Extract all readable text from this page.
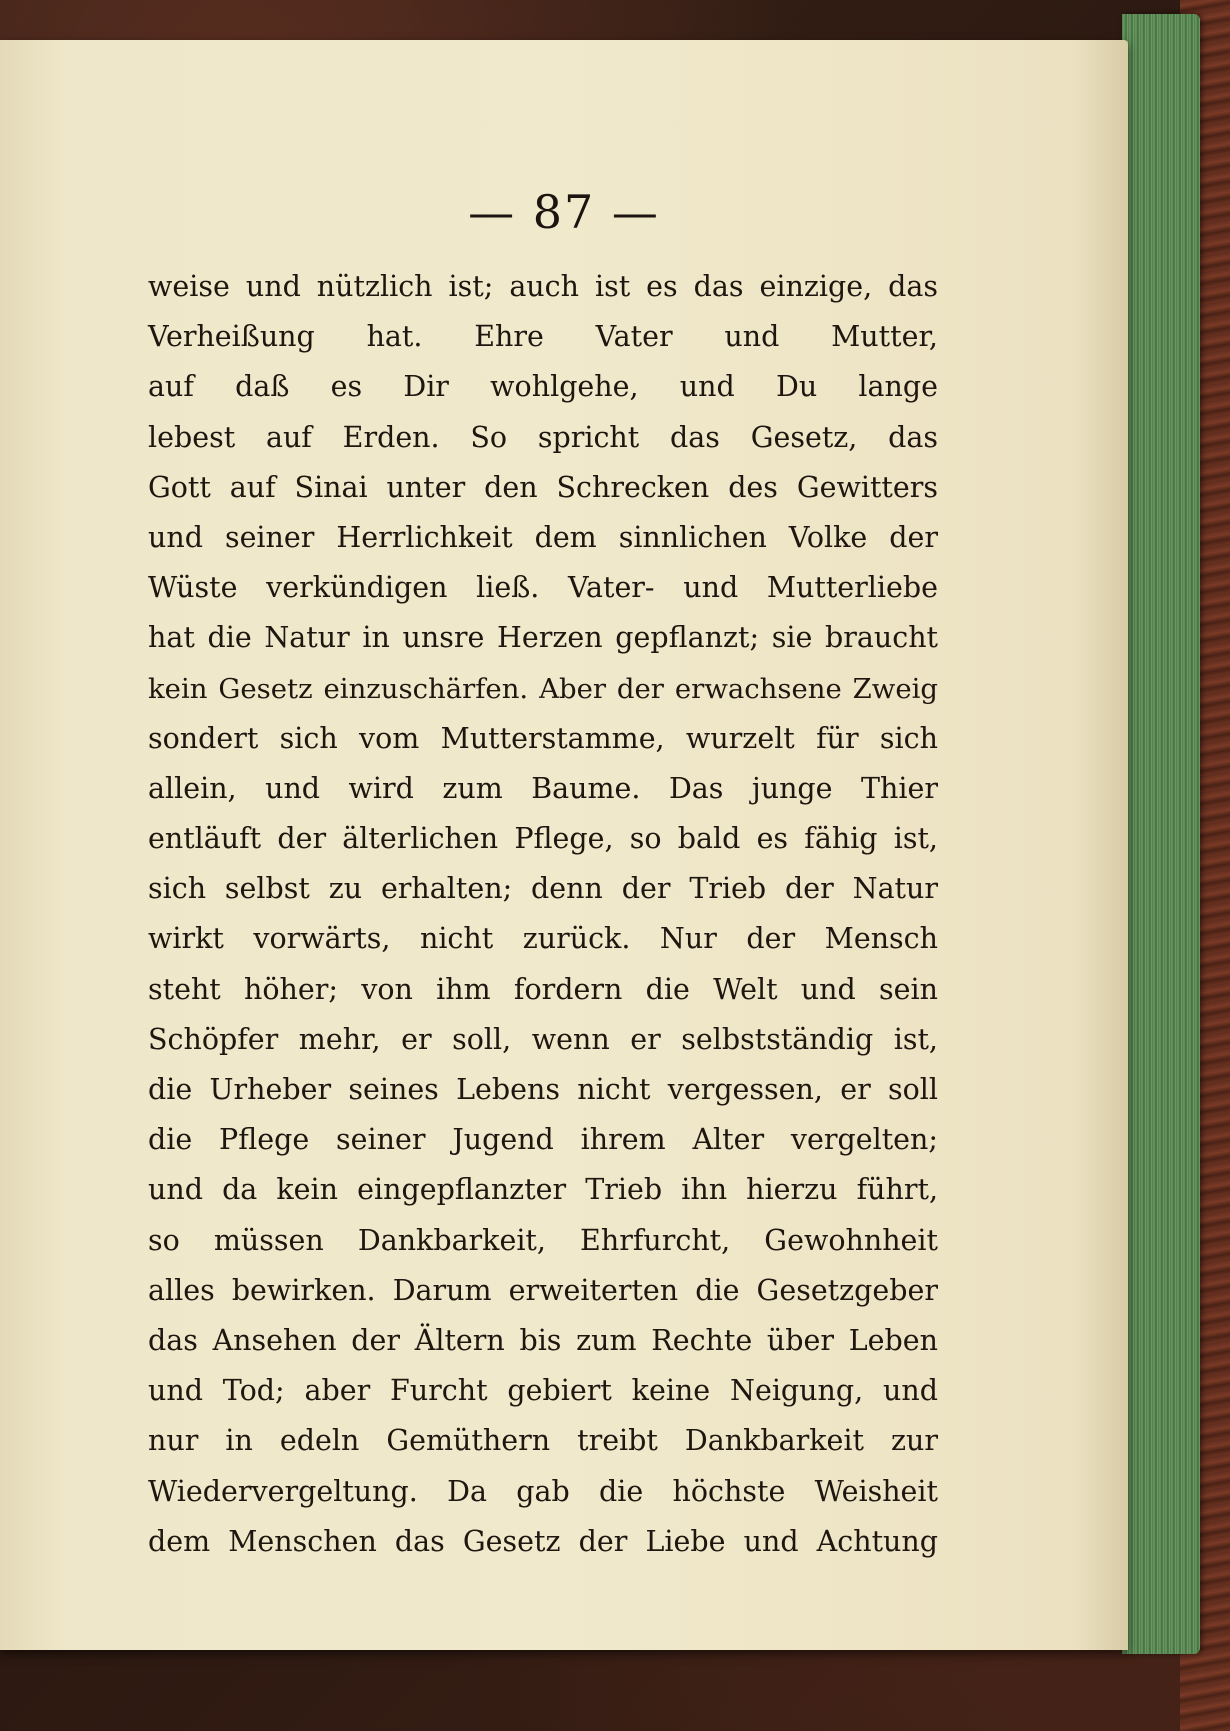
— 87 —
weise und nützlich ist; auch ist es das einzige, das
Verheißung hat. Ehre Vater und Mutter,
auf daß es Dir wohlgehe, und Du lange
lebest auf Erden. So spricht das Gesetz, das
Gott auf Sinai unter den Schrecken des Gewitters
und seiner Herrlichkeit dem sinnlichen Volke der
Wüste verkündigen ließ. Vater- und Mutterliebe
hat die Natur in unsre Herzen gepflanzt; sie braucht
kein Gesetz einzuschärfen. Aber der erwachsene Zweig
sondert sich vom Mutterstamme, wurzelt für sich
allein, und wird zum Baume. Das junge Thier
entläuft der älterlichen Pflege, so bald es fähig ist,
sich selbst zu erhalten; denn der Trieb der Natur
wirkt vorwärts, nicht zurück. Nur der Mensch
steht höher; von ihm fordern die Welt und sein
Schöpfer mehr, er soll, wenn er selbstständig ist,
die Urheber seines Lebens nicht vergessen, er soll
die Pflege seiner Jugend ihrem Alter vergelten;
und da kein eingepflanzter Trieb ihn hierzu führt,
so müssen Dankbarkeit, Ehrfurcht, Gewohnheit
alles bewirken. Darum erweiterten die Gesetzgeber
das Ansehen der Ältern bis zum Rechte über Leben
und Tod; aber Furcht gebiert keine Neigung, und
nur in edeln Gemüthern treibt Dankbarkeit zur
Wiedervergeltung. Da gab die höchste Weisheit
dem Menschen das Gesetz der Liebe und Achtung
